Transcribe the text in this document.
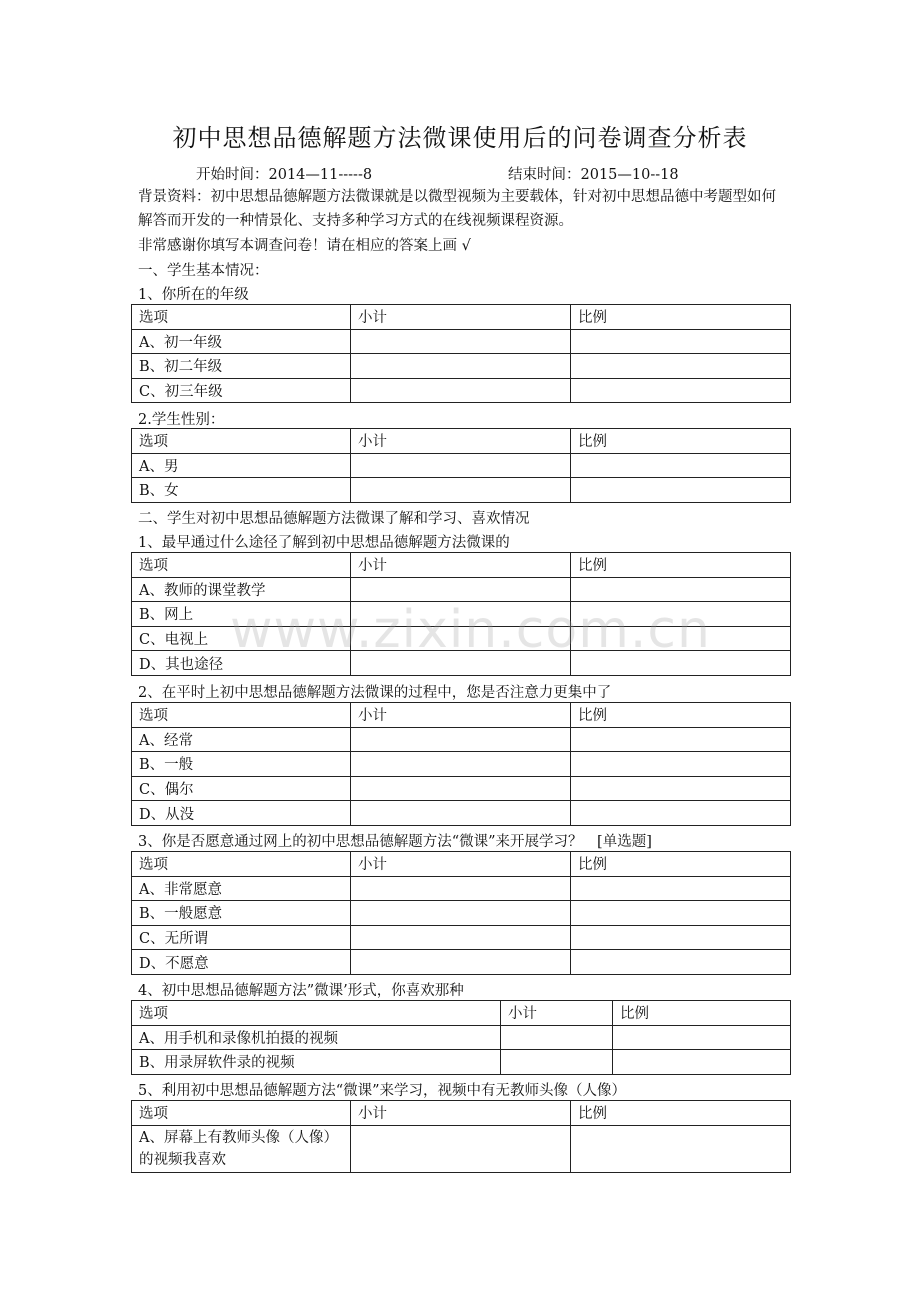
初中思想品德解题方法微课使用后的问卷调查分析表
开始时间：2014—11-----8	结束时间：2015—10--18
背景资料：初中思想品德解题方法微课就是以微型视频为主要载体，针对初中思想品德中考题型如何解答而开发的一种情景化、支持多种学习方式的在线视频课程资源。
非常感谢你填写本调查问卷！请在相应的答案上画 √
一、学生基本情况：
1、你所在的年级
选项	小计	比例
A、初一年级		
B、初二年级		
C、初三年级		
2.学生性别：
选项	小计	比例
A、男		
B、女		
二、学生对初中思想品德解题方法微课了解和学习、喜欢情况
1、最早通过什么途径了解到初中思想品德解题方法微课的
选项	小计	比例
A、教师的课堂教学		
B、网上		
C、电视上		
D、其也途径		
2、在平时上初中思想品德解题方法微课的过程中，您是否注意力更集中了
选项	小计	比例
A、经常		
B、一般		
C、偶尔		
D、从没		
3、你是否愿意通过网上的初中思想品德解题方法“微课”来开展学习？　[单选题]
选项	小计	比例
A、非常愿意		
B、一般愿意		
C、无所谓		
D、不愿意		
4、初中思想品德解题方法”微课’形式，你喜欢那种
选项	小计	比例
A、用手机和录像机拍摄的视频		
B、用录屏软件录的视频		
5、利用初中思想品德解题方法“微课”来学习，视频中有无教师头像（人像）
选项	小计	比例
A、屏幕上有教师头像（人像）的视频我喜欢		
www.zixin.com.cn
